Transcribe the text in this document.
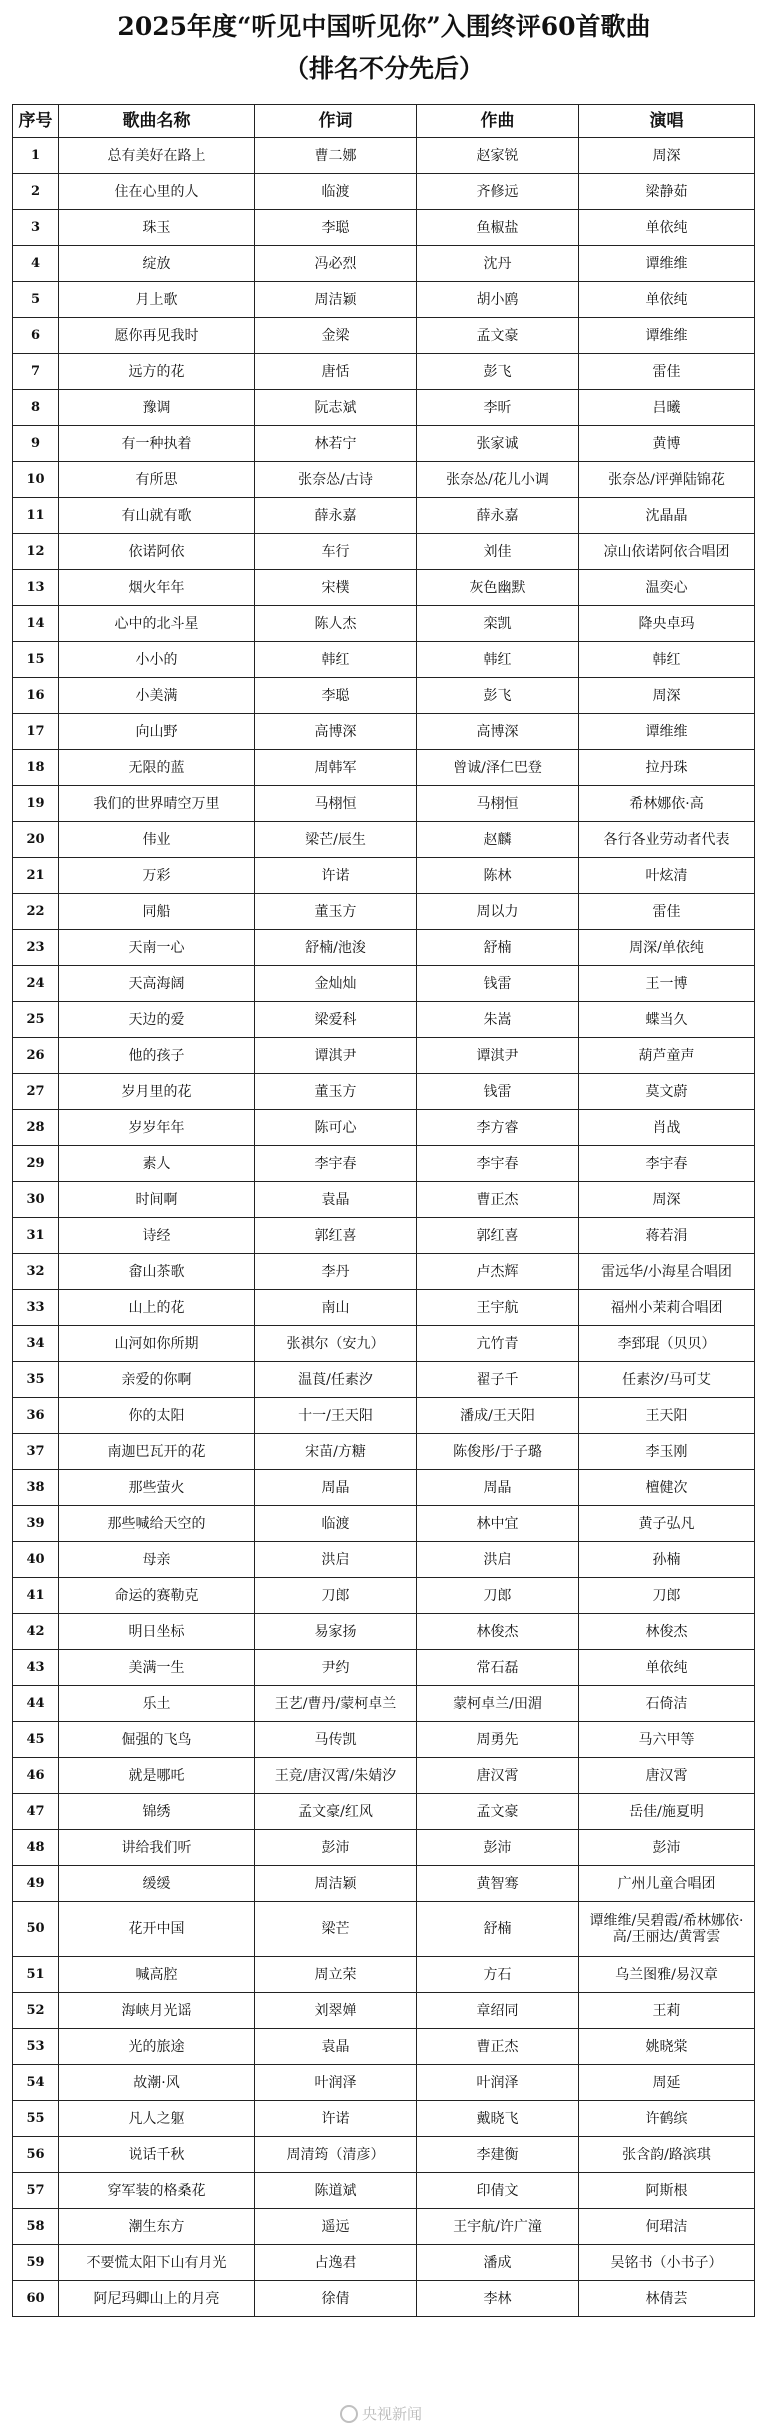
2025年度“听见中国听见你”入围终评60首歌曲
（排名不分先后）
序号	歌曲名称	作词	作曲	演唱
1	总有美好在路上	曹二娜	赵家锐	周深
2	住在心里的人	临渡	齐修远	梁静茹
3	珠玉	李聪	鱼椒盐	单依纯
4	绽放	冯必烈	沈丹	谭维维
5	月上歌	周洁颖	胡小鸥	单依纯
6	愿你再见我时	金梁	孟文豪	谭维维
7	远方的花	唐恬	彭飞	雷佳
8	豫调	阮志斌	李昕	吕曦
9	有一种执着	林若宁	张家诚	黄博
10	有所思	张奈怂/古诗	张奈怂/花儿小调	张奈怂/评弹陆锦花
11	有山就有歌	薛永嘉	薛永嘉	沈晶晶
12	依诺阿依	车行	刘佳	凉山依诺阿依合唱团
13	烟火年年	宋樸	灰色幽默	温奕心
14	心中的北斗星	陈人杰	栾凯	降央卓玛
15	小小的	韩红	韩红	韩红
16	小美满	李聪	彭飞	周深
17	向山野	高博深	高博深	谭维维
18	无限的蓝	周韩军	曾诚/泽仁巴登	拉丹珠
19	我们的世界晴空万里	马栩恒	马栩恒	希林娜依·高
20	伟业	梁芒/辰生	赵麟	各行各业劳动者代表
21	万彩	许诺	陈林	叶炫清
22	同船	董玉方	周以力	雷佳
23	天南一心	舒楠/池浚	舒楠	周深/单依纯
24	天高海阔	金灿灿	钱雷	王一博
25	天边的爱	梁爱科	朱嵩	蝶当久
26	他的孩子	谭淇尹	谭淇尹	葫芦童声
27	岁月里的花	董玉方	钱雷	莫文蔚
28	岁岁年年	陈可心	李方睿	肖战
29	素人	李宇春	李宇春	李宇春
30	时间啊	袁晶	曹正杰	周深
31	诗经	郭红喜	郭红喜	蒋若涓
32	畲山茶歌	李丹	卢杰辉	雷远华/小海星合唱团
33	山上的花	南山	王宇航	福州小茉莉合唱团
34	山河如你所期	张祺尔（安九）	亢竹青	李郅琨（贝贝）
35	亲爱的你啊	温莨/任素汐	翟子千	任素汐/马可艾
36	你的太阳	十一/王天阳	潘成/王天阳	王天阳
37	南迦巴瓦开的花	宋苗/方糖	陈俊彤/于子璐	李玉刚
38	那些萤火	周晶	周晶	檀健次
39	那些喊给天空的	临渡	林中宜	黄子弘凡
40	母亲	洪启	洪启	孙楠
41	命运的赛勒克	刀郎	刀郎	刀郎
42	明日坐标	易家扬	林俊杰	林俊杰
43	美满一生	尹约	常石磊	单依纯
44	乐土	王艺/曹丹/蒙柯卓兰	蒙柯卓兰/田湄	石倚洁
45	倔强的飞鸟	马传凯	周勇先	马六甲等
46	就是哪吒	王竞/唐汉霄/朱婧汐	唐汉霄	唐汉霄
47	锦绣	孟文豪/红风	孟文豪	岳佳/施夏明
48	讲给我们听	彭沛	彭沛	彭沛
49	缓缓	周洁颖	黄智骞	广州儿童合唱团
50	花开中国	梁芒	舒楠	谭维维/吴碧霞/希林娜依·高/王丽达/黄霄雲
51	喊高腔	周立荣	方石	乌兰图雅/易汉章
52	海峡月光谣	刘翠婵	章绍同	王莉
53	光的旅途	袁晶	曹正杰	姚晓棠
54	故潮·风	叶润泽	叶润泽	周延
55	凡人之躯	许诺	戴晓飞	许鹤缤
56	说话千秋	周清筠（清彦）	李建衡	张含韵/路滨琪
57	穿军装的格桑花	陈道斌	印倩文	阿斯根
58	潮生东方	遥远	王宇航/许广潼	何珺洁
59	不要慌太阳下山有月光	占逸君	潘成	吴铭书（小书子）
60	阿尼玛卿山上的月亮	徐倩	李林	林倩芸
央视新闻
